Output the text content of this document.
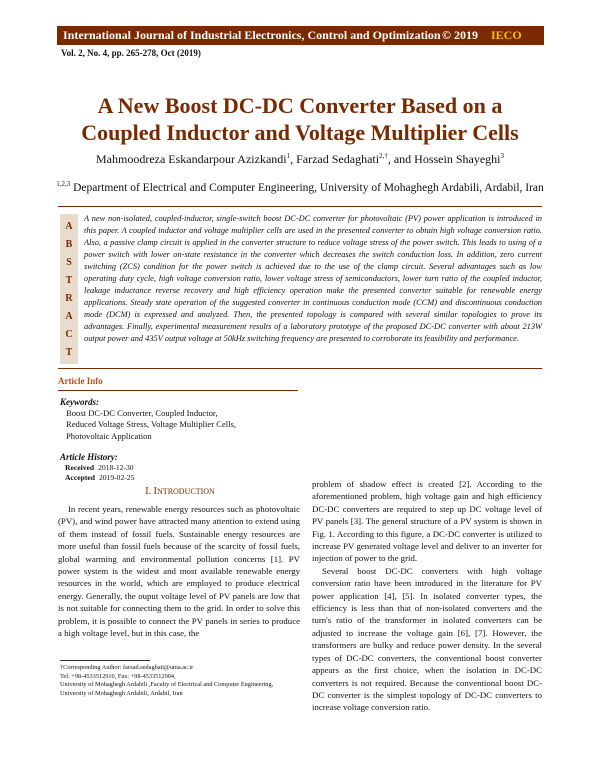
International Journal of Industrial Electronics, Control and Optimization © 2019 IECO
Vol. 2, No. 4, pp. 265-278, Oct (2019)
A New Boost DC-DC Converter Based on a
Coupled Inductor and Voltage Multiplier Cells
Mahmoodreza Eskandarpour Azizkandi$^1$, Farzad Sedaghati$^{2,\dagger}$, and Hossein Shayeghi$^3$
$^{1,2,3}$ Department of Electrical and Computer Engineering, University of Mohaghegh Ardabili, Ardabil, Iran
A
B
S
T
R
A
C
T
A new non-isolated, coupled-inductor, single-switch boost DC-DC converter for photovoltaic (PV) power application is introduced in this paper. A coupled inductor and voltage multiplier cells are used in the presented converter to obtain high voltage conversion ratio. Also, a passive clamp circuit is applied in the converter structure to reduce voltage stress of the power switch. This leads to using of a power switch with lower on-state resistance in the converter which decreases the switch conduction loss. In addition, zero current switching (ZCS) condition for the power switch is achieved due to the use of the clamp circuit. Several advantages such as low operating duty cycle, high voltage conversion ratio, lower voltage stress of semiconductors, lower turn ratio of the coupled inductor, leakage inductance reverse recovery and high efficiency operation make the presented converter suitable for renewable energy applications. Steady state operation of the suggested converter in continuous conduction mode (CCM) and discontinuous conduction mode (DCM) is expressed and analyzed. Then, the presented topology is compared with several similar topologies to prove its advantages. Finally, experimental measurement results of a laboratory prototype of the proposed DC-DC converter with about 213W output power and 435V output voltage at 50kHz switching frequency are presented to corroborate its feasibility and performance.
Article Info
Keywords:
Boost DC-DC Converter, Coupled Inductor,
Reduced Voltage Stress, Voltage Multiplier Cells,
Photovoltaic Application
Article History:
Received 2018-12-30
Accepted 2019-02-25
I. INTRODUCTION

In recent years, renewable energy resources such as photovoltaic (PV), and wind power have attracted many attention to extend using of them instead of fossil fuels. Sustainable energy resources are more useful than fossil fuels because of the scarcity of fossil fuels, global warming and environmental pollution concerns [1]. PV power system is the widest and most available renewable energy resources in the world, which are employed to produce electrical energy. Generally, the ouput voltage level of PV panels are low that is not suitable for connecting them to the grid. In order to solve this problem, it is possible to connect the PV panels in series to produce a high voltage level, but in this case, the

†Corresponding Author: farzad.sedaghati@uma.ac.ir
Tel: +98-4533512910, Fax: +98-4533512904,
University of Mohaghegh Ardabili ,Faculty of Electrical and Computer Engineering, University of Mohaghegh Ardabili, Ardabil, Iran

problem of shadow effect is created [2]. According to the aforementioned problem, high voltage gain and high efficiency DC-DC converters are required to step up DC voltage level of PV panels [3]. The general structure of a PV system is shown in Fig. 1. According to this figure, a DC-DC converter is utilized to increase PV generated voltage level and deliver to an inverter for injection of power to the grid.

Several boost DC-DC converters with high voltage conversion ratio have been introduced in the literature for PV power application [4], [5]. In isolated converter types, the efficiency is less than that of non-isolated converters and the turn's ratio of the transformer in isolated converters can be adjusted to increase the voltage gain [6], [7]. However, the transformers are bulky and reduce power density. In the several types of DC-DC converters, the conventional boost converter appears as the first choice, when the isolation in DC-DC converters is not required. Because the conventional boost DC-DC converter is the simplest topology of DC-DC converters to increase voltage conversion ratio.
